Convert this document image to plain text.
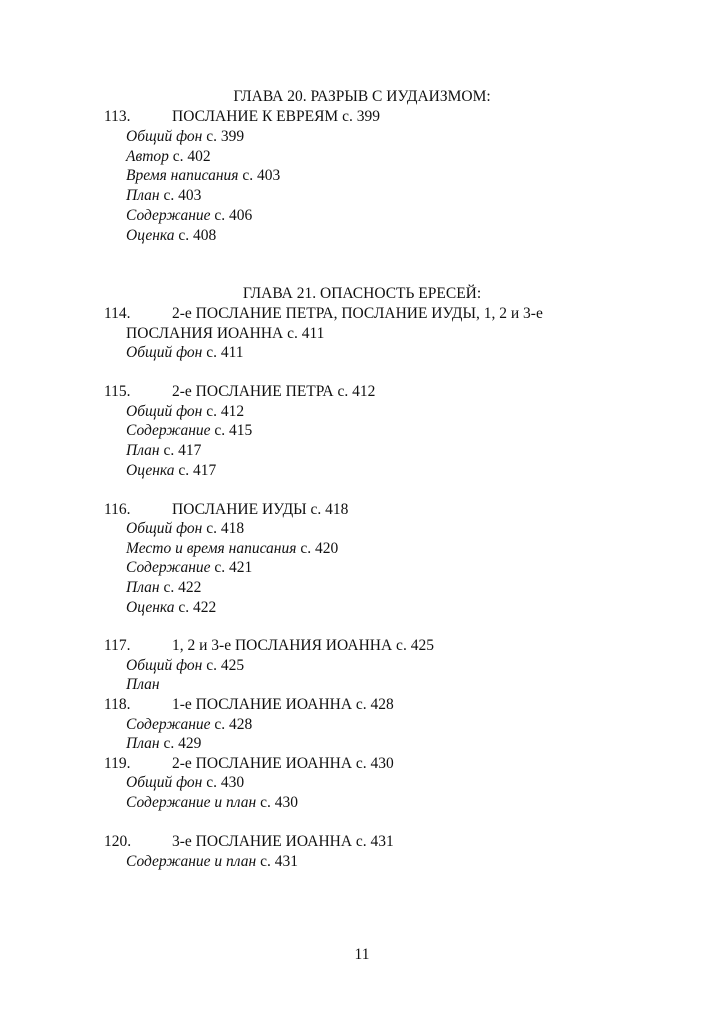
ГЛАВА 20. РАЗРЫВ С ИУДАИЗМОМ:
113.	ПОСЛАНИЕ К ЕВРЕЯМ с. 399
Общий фон с. 399
Автор с. 402
Время написания с. 403
План с. 403
Содержание с. 406
Оценка с. 408
ГЛАВА 21. ОПАСНОСТЬ ЕРЕСЕЙ:
114.	2-е ПОСЛАНИЕ ПЕТРА, ПОСЛАНИЕ ИУДЫ, 1, 2 и 3-е
ПОСЛАНИЯ ИОАННА с. 411
Общий фон с. 411
115.	2-е ПОСЛАНИЕ ПЕТРА с. 412
Общий фон с. 412
Содержание с. 415
План с. 417
Оценка с. 417
116.	ПОСЛАНИЕ ИУДЫ с. 418
Общий фон с. 418
Место и время написания с. 420
Содержание с. 421
План с. 422
Оценка с. 422
117.	1, 2 и 3-е ПОСЛАНИЯ ИОАННА с. 425
Общий фон с. 425
План
118.	1-е ПОСЛАНИЕ ИОАННА с. 428
Содержание с. 428
План с. 429
119.	2-е ПОСЛАНИЕ ИОАННА с. 430
Общий фон с. 430
Содержание и план с. 430
120.	3-е ПОСЛАНИЕ ИОАННА с. 431
Содержание и план с. 431
11
